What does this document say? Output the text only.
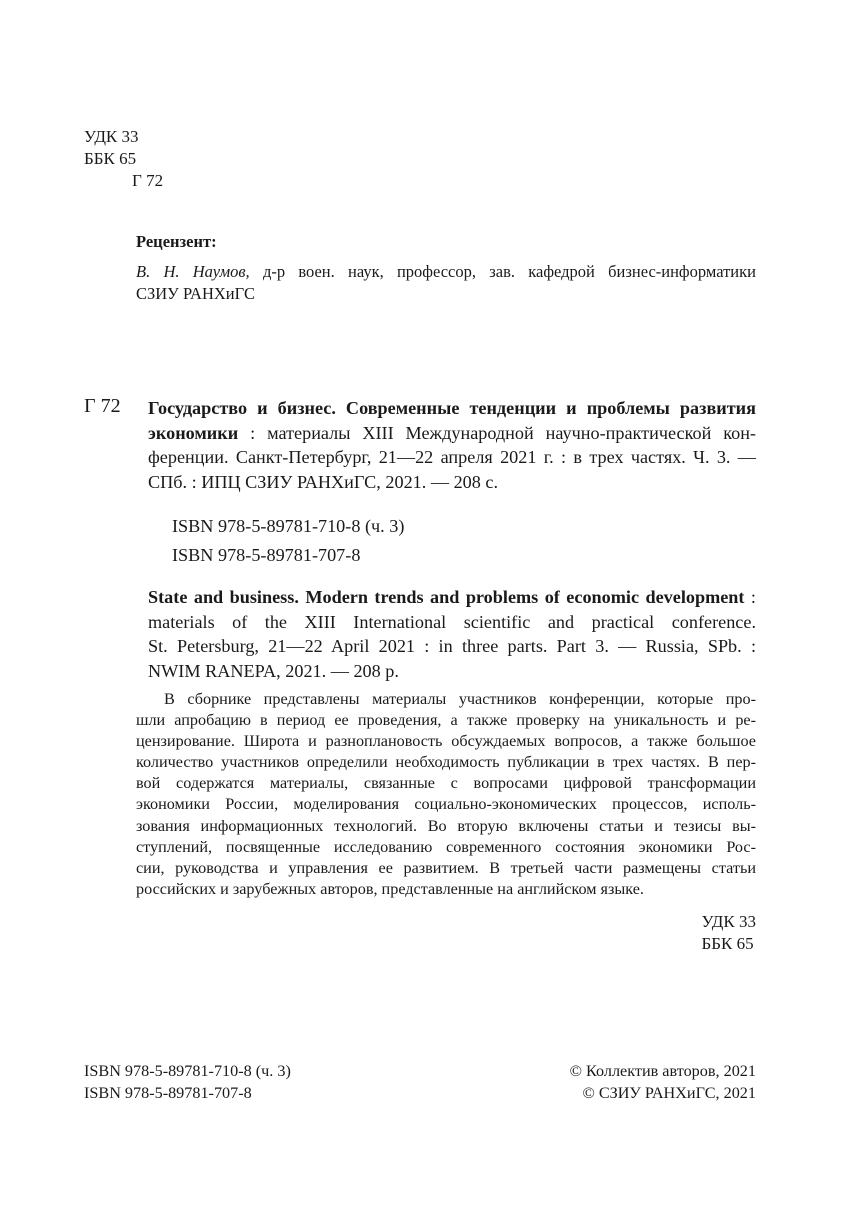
УДК 33
ББК 65
Г 72
Рецензент:
В. Н. Наумов, д-р воен. наук, профессор, зав. кафедрой бизнес-информатики
СЗИУ РАНХиГС
Г 72 Государство и бизнес. Современные тенденции и проблемы развития
экономики : материалы XIII Международной научно-практической кон-
ференции. Санкт-Петербург, 21—22 апреля 2021 г. : в трех частях. Ч. 3. —
СПб. : ИПЦ СЗИУ РАНХиГС, 2021. — 208 с.
ISBN 978-5-89781-710-8 (ч. 3)
ISBN 978-5-89781-707-8
State and business. Modern trends and problems of economic development :
materials of the XIII International scientific and practical conference.
St. Petersburg, 21—22 April 2021 : in three parts. Part 3. — Russia, SPb. :
NWIM RANEPA, 2021. — 208 p.
В сборнике представлены материалы участников конференции, которые про-
шли апробацию в период ее проведения, а также проверку на уникальность и ре-
цензирование. Широта и разноплановость обсуждаемых вопросов, а также большое
количество участников определили необходимость публикации в трех частях. В пер-
вой содержатся материалы, связанные с вопросами цифровой трансформации
экономики России, моделирования социально-экономических процессов, исполь-
зования информационных технологий. Во вторую включены статьи и тезисы вы-
ступлений, посвященные исследованию современного состояния экономики Рос-
сии, руководства и управления ее развитием. В третьей части размещены статьи
российских и зарубежных авторов, представленные на английском языке.
УДК 33
ББК 65
ISBN 978-5-89781-710-8 (ч. 3)
ISBN 978-5-89781-707-8
© Коллектив авторов, 2021
© СЗИУ РАНХиГС, 2021
